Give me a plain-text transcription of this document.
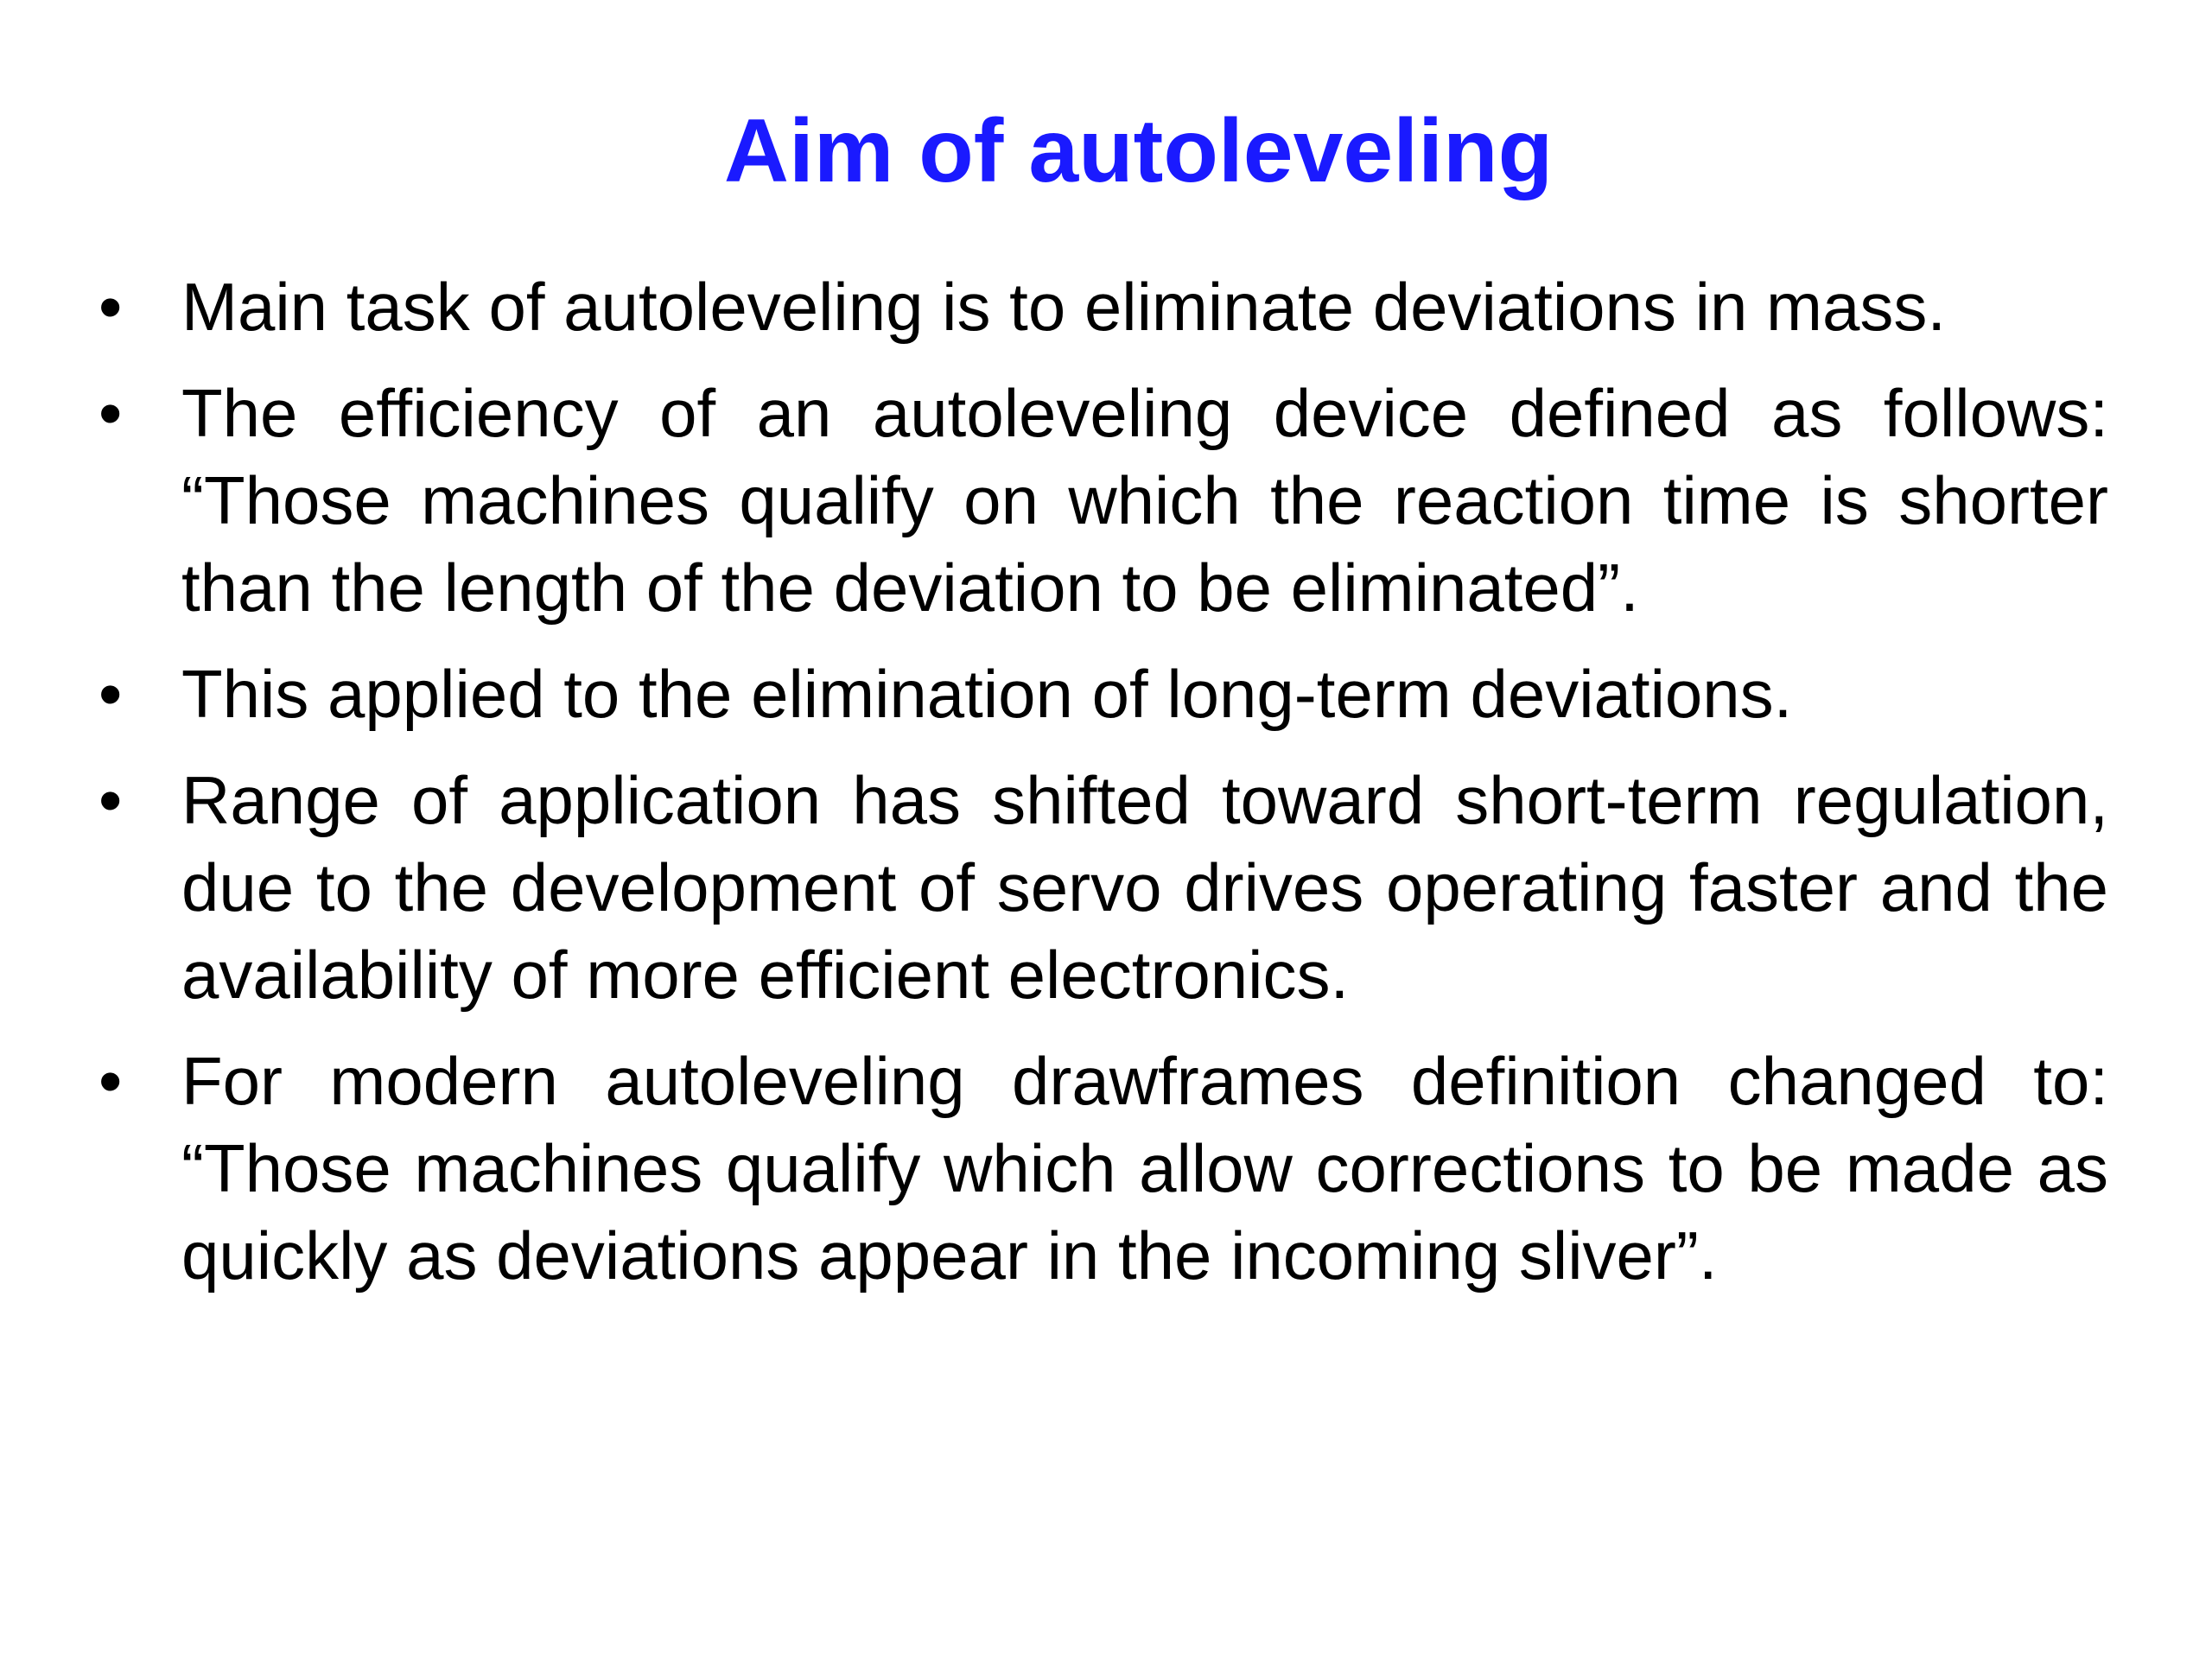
Aim of autoleveling
• Main task of autoleveling is to eliminate deviations in mass.
• The efficiency of an autoleveling device defined as follows: “Those machines qualify on which the reaction time is shorter than the length of the deviation to be eliminated”.
• This applied to the elimination of long-term deviations.
• Range of application has shifted toward short-term regulation, due to the development of servo drives operating faster and the availability of more efficient electronics.
• For modern autoleveling drawframes definition changed to: “Those machines qualify which allow corrections to be made as quickly as deviations appear in the incoming sliver”.
